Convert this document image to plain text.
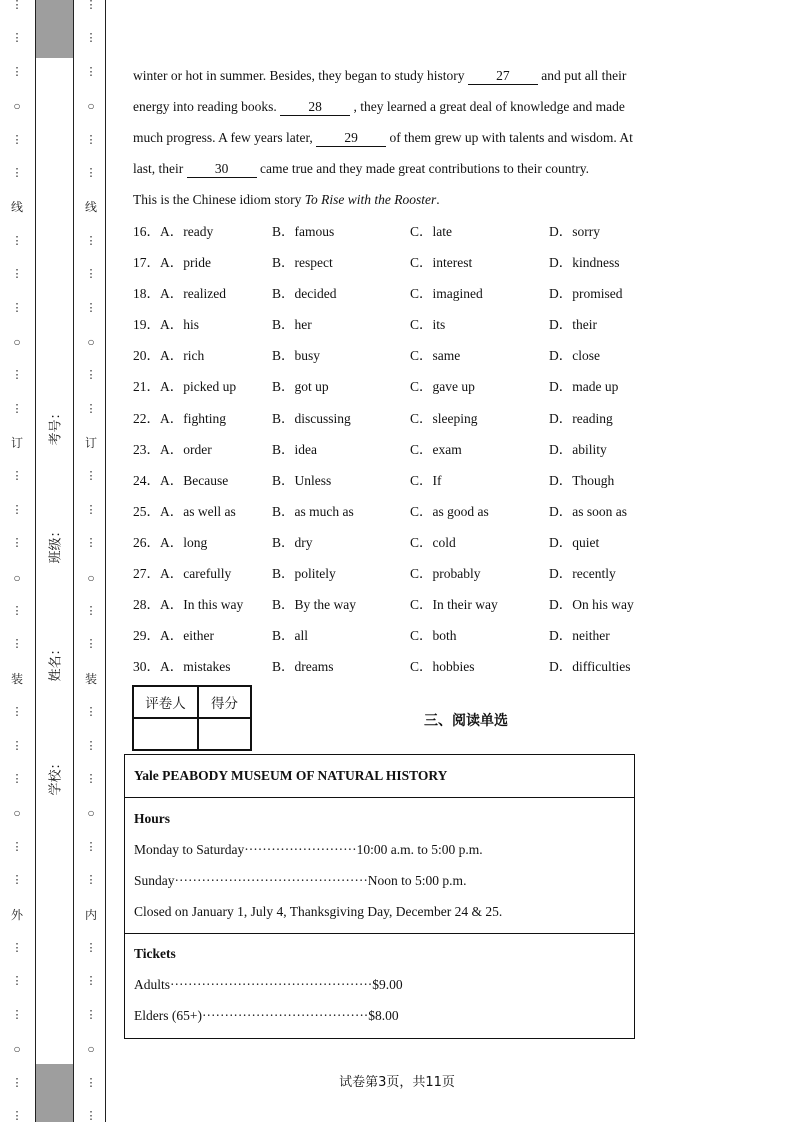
⋮
⋮
⋮
○
⋮
⋮
线
⋮
⋮
⋮
○
⋮
⋮
订
⋮
⋮
⋮
○
⋮
⋮
装
⋮
⋮
⋮
○
⋮
⋮
外
⋮
⋮
⋮
○
⋮
⋮
⋮
⋮
⋮
○
⋮
⋮
线
⋮
⋮
⋮
○
⋮
⋮
订
⋮
⋮
⋮
○
⋮
⋮
装
⋮
⋮
⋮
○
⋮
⋮
内
⋮
⋮
⋮
○
⋮
⋮
考号：
班级：
姓名：
学校：
winter or hot in summer. Besides, they began to study history 27 and put all their
energy into reading books. 28 , they learned a great deal of knowledge and made
much progress. A few years later, 29 of them grew up with talents and wisdom. At
last, their 30 came true and they made great contributions to their country.
This is the Chinese idiom story To Rise with the Rooster.
16．A．ready	B．famous	C．late	D．sorry
17．A．pride	B．respect	C．interest	D．kindness
18．A．realized	B．decided	C．imagined	D．promised
19．A．his	B．her	C．its	D．their
20．A．rich	B．busy	C．same	D．close
21．A．picked up	B．got up	C．gave up	D．made up
22．A．fighting	B．discussing	C．sleeping	D．reading
23．A．order	B．idea	C．exam	D．ability
24．A．Because	B．Unless	C．If	D．Though
25．A．as well as	B．as much as	C．as good as	D．as soon as
26．A．long	B．dry	C．cold	D．quiet
27．A．carefully	B．politely	C．probably	D．recently
28．A．In this way B．By the way	C．In their way	D．On his way
29．A．either	B．all	C．both	D．neither
30．A．mistakes	B．dreams	C．hobbies	D．difficulties
评卷人	得分

三、阅读单选
Yale PEABODY MUSEUM OF NATURAL HISTORY
Hours
Monday to Saturday·························10:00 a.m. to 5:00 p.m.
Sunday···········································Noon to 5:00 p.m.
Closed on January 1, July 4, Thanksgiving Day, December 24 & 25.
Tickets
Adults·············································$9.00
Elders (65+)·····································$8.00
试卷第3页，共11页
